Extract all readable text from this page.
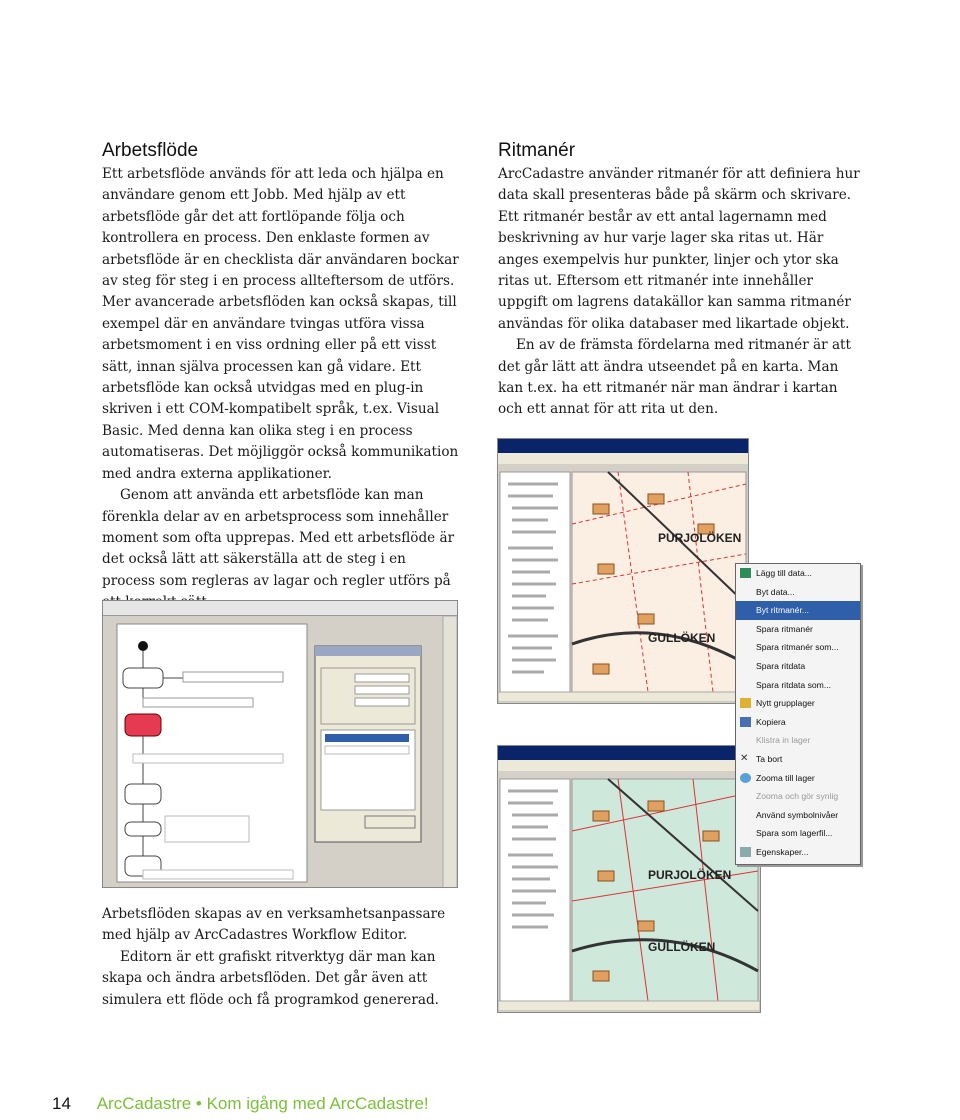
Arbetsflöde

Ett arbetsflöde används för att leda och hjälpa en användare genom ett Jobb. Med hjälp av ett arbetsflöde går det att fortlöpande följa och kontrollera en process. Den enklaste formen av arbetsflöde är en checklista där användaren bockar av steg för steg i en process allteftersom de utförs. Mer avancerade arbetsflöden kan också skapas, till exempel där en användare tvingas utföra vissa arbetsmoment i en viss ordning eller på ett visst sätt, innan själva processen kan gå vidare. Ett arbetsflöde kan också utvidgas med en plug-in skriven i ett COM-kompatibelt språk, t.ex. Visual Basic. Med denna kan olika steg i en process automatiseras. Det möjliggör också kommunikation med andra externa applikationer.

Genom att använda ett arbetsflöde kan man förenkla delar av en arbetsprocess som innehåller moment som ofta upprepas. Med ett arbetsflöde är det också lätt att säkerställa att de steg i en process som regleras av lagar och regler utförs på

Ritmanér

ArcCadastre använder ritmanér för att definiera hur data skall presenteras både på skärm och skrivare. Ett ritmanér består av ett antal lagernamn med beskrivning av hur varje lager ska ritas ut. Här anges exempelvis hur punkter, linjer och ytor ska ritas ut. Eftersom ett ritmanér inte innehåller uppgift om lagrens datakällor kan samma ritmanér användas för olika databaser med likartade objekt.

En av de främsta fördelarna med ritmanér är att det går lätt att ändra utseendet på en karta. Man kan t.ex. ha ett ritmanér när man ändrar i kartan och ett annat för att rita ut den.

PURJOLÖKEN
GULLÖKEN
PURJOLÖKEN
GULLÖKEN
Lägg till data...
Byt data...
Byt ritmanér...
Spara ritmanér
Spara ritmanér som...
Spara ritdata
Spara ritdata som...
Nytt grupplager
Kopiera
Klistra in lager
✕ Ta bort
Zooma till lager
Zooma och gör synlig
Använd symbolnivåer
Spara som lagerfil...
Egenskaper...

Arbetsflöden skapas av en verksamhetsanpassare med hjälp av ArcCadastres Workflow Editor.

Editorn är ett grafiskt ritverktyg där man kan skapa och ändra arbetsflöden. Det går även att simulera ett flöde och få programkod genererad.

14 ArcCadastre • Kom igång med ArcCadastre!
